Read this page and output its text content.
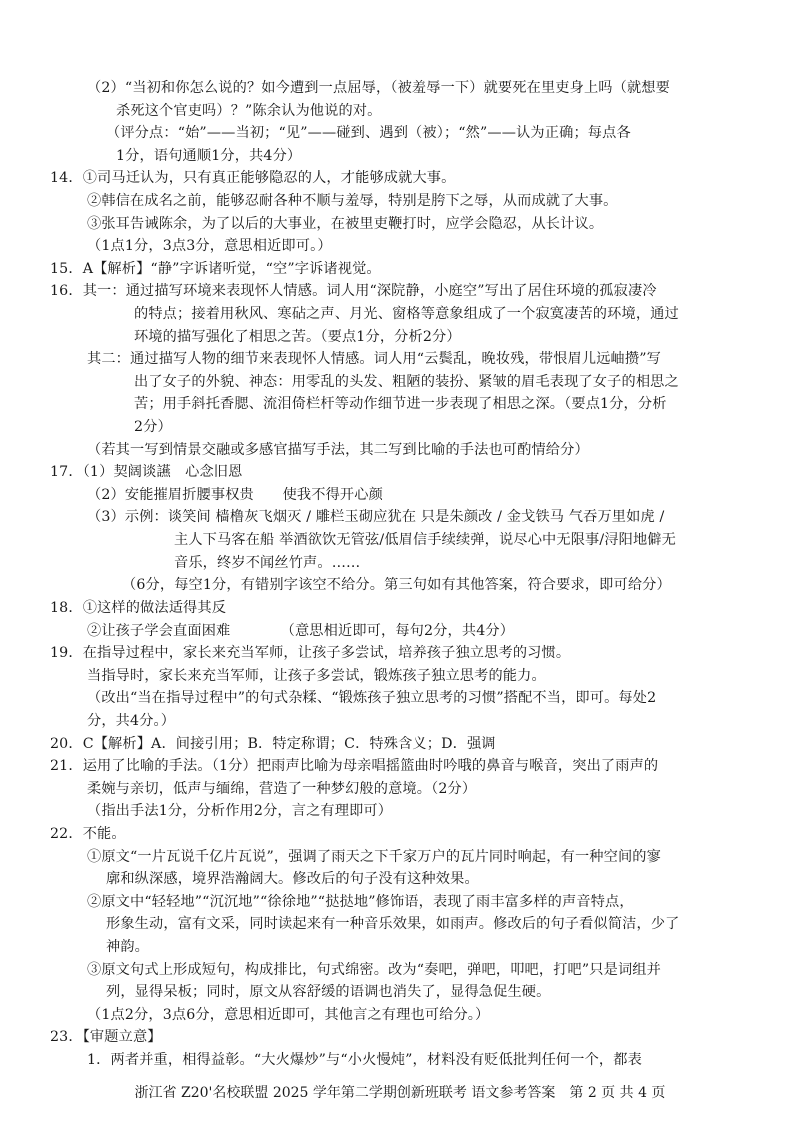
（2）“当初和你怎么说的？如今遭到一点屈辱，（被羞辱一下）就要死在里吏身上吗（就想要
杀死这个官吏吗）？”陈余认为他说的对。
（评分点：“始”——当初；“见”——碰到、遇到（被）；“然”——认为正确；每点各
1分，语句通顺1分，共4分）
14．①司马迁认为，只有真正能够隐忍的人，才能够成就大事。
②韩信在成名之前，能够忍耐各种不顺与羞辱，特别是胯下之辱，从而成就了大事。
③张耳告诫陈余，为了以后的大事业，在被里吏鞭打时，应学会隐忍，从长计议。
（1点1分，3点3分，意思相近即可。）
15．A【解析】“静”字诉诸听觉，“空”字诉诸视觉。
16．其一：通过描写环境来表现怀人情感。词人用“深院静，小庭空”写出了居住环境的孤寂凄冷
的特点；接着用秋风、寒砧之声、月光、窗格等意象组成了一个寂寞凄苦的环境，通过
环境的描写强化了相思之苦。（要点1分，分析2分）
其二：通过描写人物的细节来表现怀人情感。词人用“云鬓乱，晚妆残，带恨眉儿远岫攒”写
出了女子的外貌、神态：用零乱的头发、粗陋的装扮、紧皱的眉毛表现了女子的相思之
苦；用手斜托香腮、流泪倚栏杆等动作细节进一步表现了相思之深。（要点1分，分析
2分）
（若其一写到情景交融或多感官描写手法，其二写到比喻的手法也可酌情给分）
17．（1）契阔谈讌　心念旧恩
（2）安能摧眉折腰事权贵　　使我不得开心颜
（3）示例：谈笑间 樯橹灰飞烟灭 / 雕栏玉砌应犹在 只是朱颜改 / 金戈铁马 气吞万里如虎 /
主人下马客在船 举酒欲饮无管弦/低眉信手续续弹，说尽心中无限事/浔阳地僻无
音乐，终岁不闻丝竹声。……
（6分，每空1分，有错别字该空不给分。第三句如有其他答案，符合要求，即可给分）
18．①这样的做法适得其反
②让孩子学会直面困难　　　　（意思相近即可，每句2分，共4分）
19．在指导过程中，家长来充当军师，让孩子多尝试，培养孩子独立思考的习惯。
当指导时，家长来充当军师，让孩子多尝试，锻炼孩子独立思考的能力。
（改出“当在指导过程中”的句式杂糅、“锻炼孩子独立思考的习惯”搭配不当，即可。每处2
分，共4分。）
20．C【解析】A．间接引用；B．特定称谓；C．特殊含义；D．强调
21．运用了比喻的手法。（1分）把雨声比喻为母亲唱摇篮曲时吟哦的鼻音与喉音，突出了雨声的
柔婉与亲切，低声与缅绵，营造了一种梦幻般的意境。（2分）
（指出手法1分，分析作用2分，言之有理即可）
22．不能。
①原文“一片瓦说千亿片瓦说”，强调了雨天之下千家万户的瓦片同时响起，有一种空间的寥
廓和纵深感，境界浩瀚阔大。修改后的句子没有这种效果。
②原文中“轻轻地”“沉沉地”“徐徐地”“挞挞地”修饰语，表现了雨丰富多样的声音特点，
形象生动，富有文采，同时读起来有一种音乐效果，如雨声。修改后的句子看似简洁，少了
神韵。
③原文句式上形成短句，构成排比，句式绵密。改为“奏吧，弹吧，叩吧，打吧”只是词组并
列，显得呆板；同时，原文从容舒缓的语调也消失了，显得急促生硬。
（1点2分，3点6分，意思相近即可，其他言之有理也可给分。）
23．【审题立意】
1．两者并重，相得益彰。“大火爆炒”与“小火慢炖”，材料没有贬低批判任何一个，都表
浙江省 Z20'名校联盟 2025 学年第二学期创新班联考 语文参考答案　第 2 页 共 4 页
